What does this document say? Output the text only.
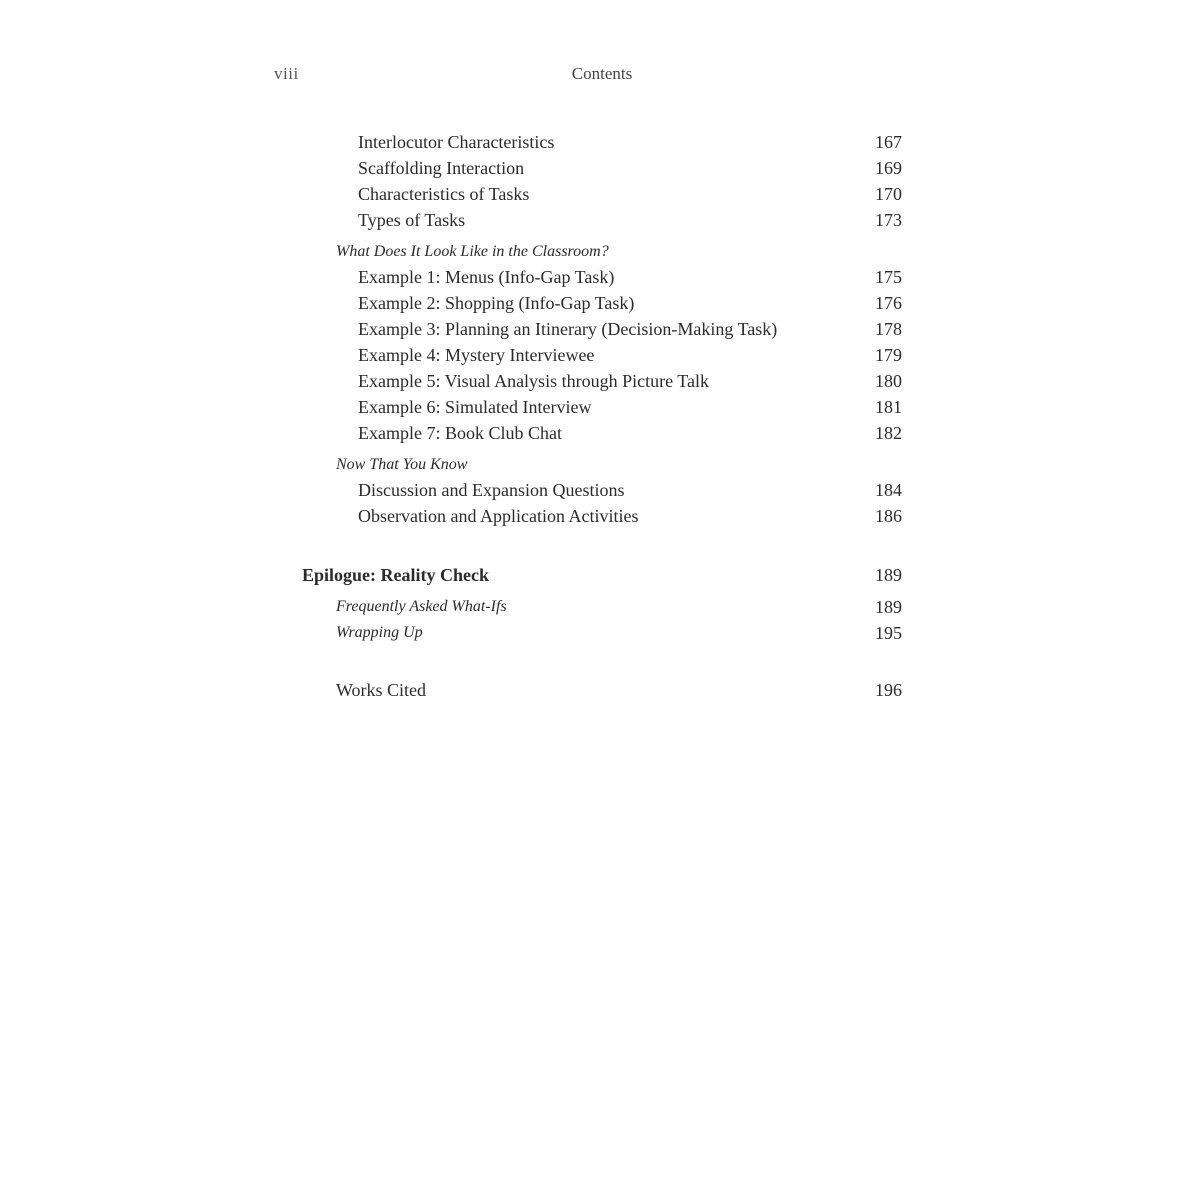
viii	Contents
Interlocutor Characteristics	167
Scaffolding Interaction	169
Characteristics of Tasks	170
Types of Tasks	173
What Does It Look Like in the Classroom?
Example 1: Menus (Info-Gap Task)	175
Example 2: Shopping (Info-Gap Task)	176
Example 3: Planning an Itinerary (Decision-Making Task)	178
Example 4: Mystery Interviewee	179
Example 5: Visual Analysis through Picture Talk	180
Example 6: Simulated Interview	181
Example 7: Book Club Chat	182
Now That You Know
Discussion and Expansion Questions	184
Observation and Application Activities	186
Epilogue: Reality Check	189
Frequently Asked What-Ifs	189
Wrapping Up	195
Works Cited	196
